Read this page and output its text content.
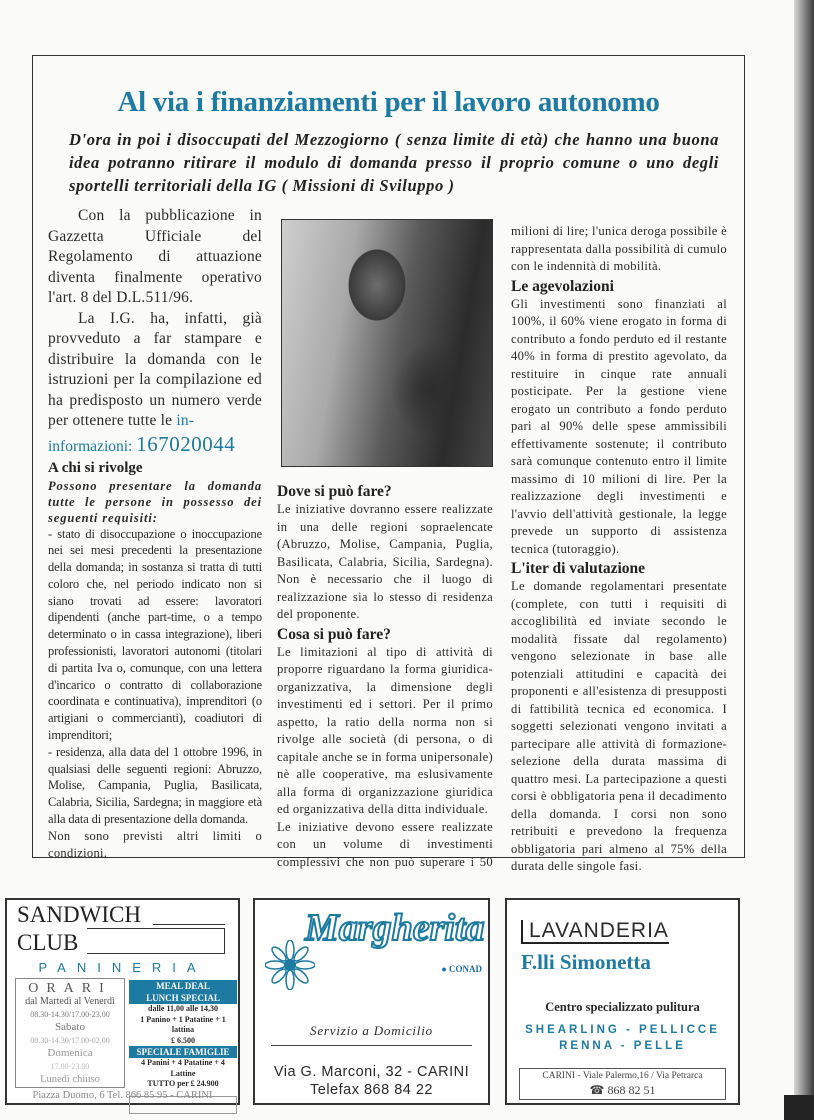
Al via i finanziamenti per il lavoro autonomo
D'ora in poi i disoccupati del Mezzogiorno ( senza limite di età) che hanno una buona idea potranno ritirare il modulo di domanda presso il proprio comune o uno degli sportelli territoriali della IG ( Missioni di Sviluppo )

Con la pubblicazione in Gazzetta Ufficiale del Regolamento di attuazione diventa finalmente operativo l'art. 8 del D.L.511/96.

La I.G. ha, infatti, già provveduto a far stampare e distribuire la domanda con le istruzioni per la compilazione ed ha predisposto un numero verde per ottenere tutte le in-

informazioni: 167020044
A chi si rivolge

Possono presentare la domanda tutte le persone in possesso dei seguenti requisiti:

- stato di disoccupazione o inoccupazione nei sei mesi precedenti la presentazione della domanda; in sostanza si tratta di tutti coloro che, nel periodo indicato non si siano trovati ad essere: lavoratori dipendenti (anche part-time, o a tempo determinato o in cassa integrazione), liberi professionisti, lavoratori autonomi (titolari di partita Iva o, comunque, con una lettera d'incarico o contratto di collaborazione coordinata e continuativa), imprenditori (o artigiani o commercianti), coadiutori di imprenditori;

- residenza, alla data del 1 ottobre 1996, in qualsiasi delle seguenti regioni: Abruzzo, Molise, Campania, Puglia, Basilicata, Calabria, Sicilia, Sardegna; in maggiore età alla data di presentazione della domanda.

Non sono previsti altri limiti o condizioni.

Dove si può fare?

Le iniziative dovranno essere realizzate in una delle regioni sopraelencate (Abruzzo, Molise, Campania, Puglia, Basilicata, Calabria, Sicilia, Sardegna). Non è necessario che il luogo di realizzazione sia lo stesso di residenza del proponente.

Cosa si può fare?

Le limitazioni al tipo di attività di proporre riguardano la forma giuridica-organizzativa, la dimensione degli investimenti ed i settori. Per il primo aspetto, la ratio della norma non si rivolge alle società (di persona, o di capitale anche se in forma unipersonale) nè alle cooperative, ma eslusivamente alla forma di organizzazione giuridica ed organizzativa della ditta individuale.

Le iniziative devono essere realizzate con un volume di investimenti complessivi che non può superare i 50

milioni di lire; l'unica deroga possibile è rappresentata dalla possibilità di cumulo con le indennità di mobilità.

Le agevolazioni

Gli investimenti sono finanziati al 100%, il 60% viene erogato in forma di contributo a fondo perduto ed il restante 40% in forma di prestito agevolato, da restituire in cinque rate annuali posticipate. Per la gestione viene erogato un contributo a fondo perduto pari al 90% delle spese ammissibili effettivamente sostenute; il contributo sarà comunque contenuto entro il limite massimo di 10 milioni di lire. Per la realizzazione degli investimenti e l'avvio dell'attività gestionale, la legge prevede un supporto di assistenza tecnica (tutoraggio).

L'iter di valutazione

Le domande regolamentari presentate (complete, con tutti i requisiti di accoglibilità ed inviate secondo le modalità fissate dal regolamento) vengono selezionate in base alle potenziali attitudini e capacità dei proponenti e all'esistenza di presupposti di fattibilità tecnica ed economica. I soggetti selezionati vengono invitati a partecipare alle attività di formazione-selezione della durata massima di quattro mesi. La partecipazione a questi corsi è obbligatoria pena il decadimento della domanda. I corsi non sono retribuiti e prevedono la frequenza obbligatoria pari almeno al 75% della durata delle singole fasi.

SANDWICH
CLUB
PANINERIA
ORARI
dal Martedì al Venerdì
08.30-14.30/17.00-23.00
Sabato
08.30-14.30/17.00-02.00
Domenica
17.00-23.00
Lunedì chiuso
MEAL DEAL
LUNCH SPECIAL
dalle 11,00 alle 14,30
1 Panino + 1 Patatine + 1 lattina
£ 6.500
SPECIALE FAMIGLIE
4 Panini + 4 Patatine + 4 Lattine
TUTTO per £ 24.900
Piazza Duomo, 6 Tel. 866 85 95 - CARINI
Margherita
● CONAD
Servizio a Domicilio
Via G. Marconi, 32 - CARINI
Telefax 868 84 22
LAVANDERIA
F.lli Simonetta
Centro specializzato pulitura
SHEARLING - PELLICCE
RENNA - PELLE
CARINI - Viale Palermo,16 / Via Petrarca
☎ 868 82 51
